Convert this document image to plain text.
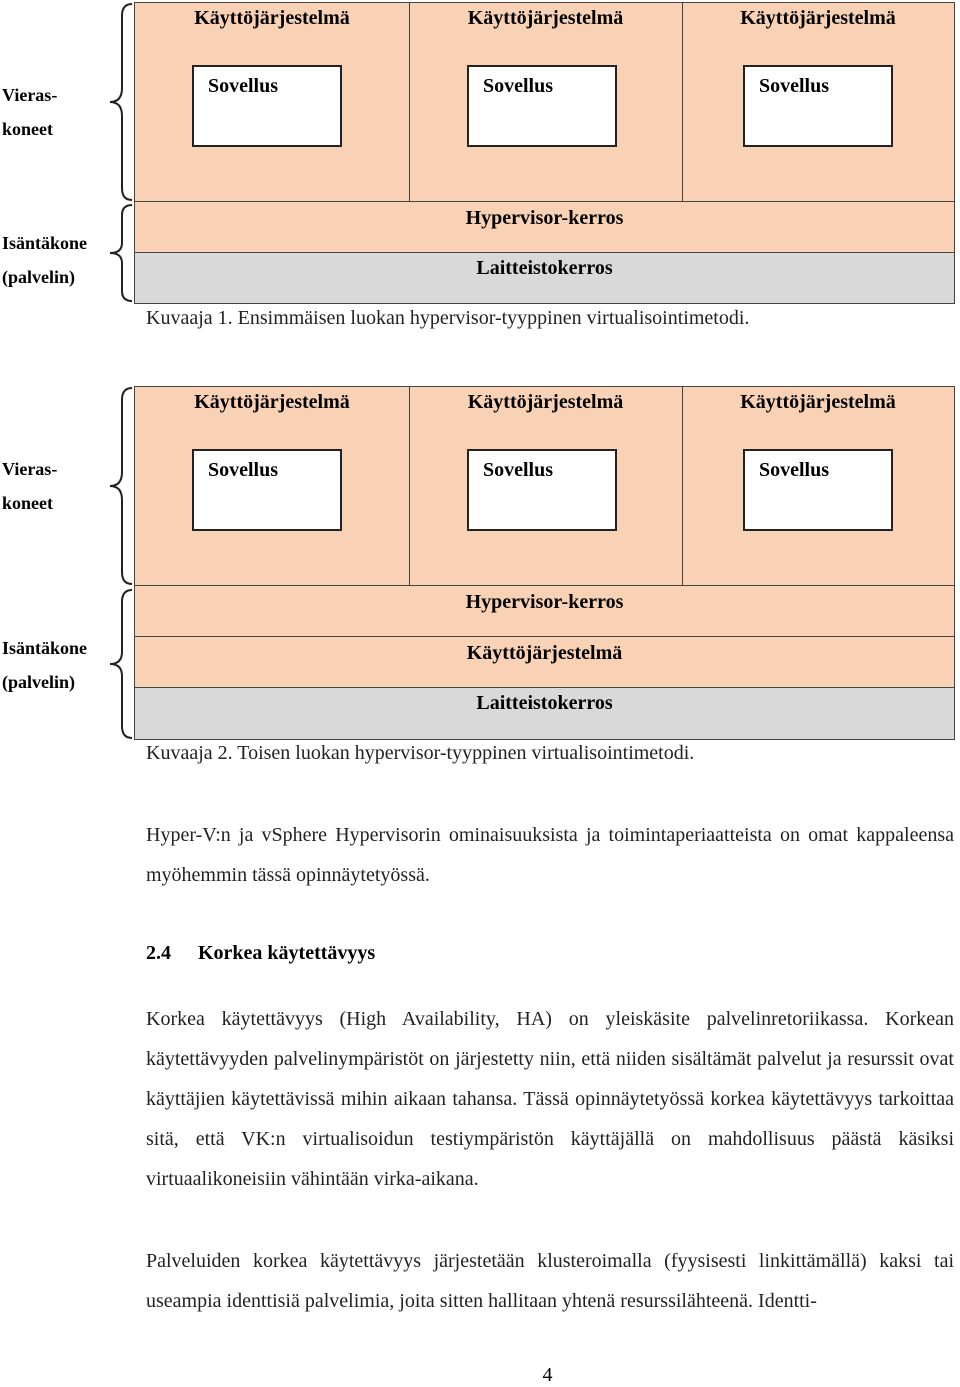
Vieras-
koneet
Isäntäkone
(palvelin)
Käyttöjärjestelmä
Sovellus
Käyttöjärjestelmä
Sovellus
Käyttöjärjestelmä
Sovellus
Hypervisor-kerros
Laitteistokerros
Kuvaaja 1. Ensimmäisen luokan hypervisor-tyyppinen virtualisointimetodi.
Vieras-
koneet
Isäntäkone
(palvelin)
Käyttöjärjestelmä
Sovellus
Käyttöjärjestelmä
Sovellus
Käyttöjärjestelmä
Sovellus
Hypervisor-kerros
Käyttöjärjestelmä
Laitteistokerros
Kuvaaja 2. Toisen luokan hypervisor-tyyppinen virtualisointimetodi.
Hyper-V:n ja vSphere Hypervisorin ominaisuuksista ja toimintaperiaatteista on omat kappaleensa myöhemmin tässä opinnäytetyössä.
2.4 Korkea käytettävyys
Korkea käytettävyys (High Availability, HA) on yleiskäsite palvelinretoriikassa. Korkean käytettävyyden palvelinympäristöt on järjestetty niin, että niiden sisältämät palvelut ja resurssit ovat käyttäjien käytettävissä mihin aikaan tahansa. Tässä opinnäytetyössä korkea käytettävyys tarkoittaa sitä, että VK:n virtualisoidun testiympäristön käyttäjällä on mahdollisuus päästä käsiksi virtuaalikoneisiin vähintään virka-aikana.
Palveluiden korkea käytettävyys järjestetään klusteroimalla (fyysisesti linkittämällä) kaksi tai useampia identtisiä palvelimia, joita sitten hallitaan yhtenä resurssilähteenä. Identti-
4
